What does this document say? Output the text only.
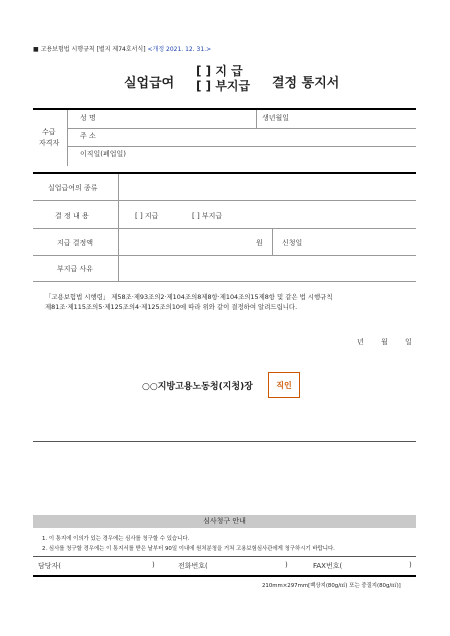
■ 고용보험법 시행규칙 [별지 제74호서식] <개정 2021. 12. 31.>
실업급여
[ ] 지 급
[ ] 부지급 결정 통지서
수급
자격자
성 명	생년월일
주 소
이직일(폐업일)
실업급여의 종류
결 정 내 용	[ ] 지급	[ ] 부지급
지급 결정액	원	신청일
부지급 사유
「고용보험법 시행령」 제58조·제93조의2·제104조의8제8항·제104조의15제8항 및 같은 법 시행규칙
제81조·제115조의5·제125조의4·제125조의10에 따라 위와 같이 결정하여 알려드립니다.
년 월 일
○○지방고용노동청(지청)장	직인
심사청구 안내
1. 이 통지에 이의가 있는 경우에는 심사를 청구할 수 있습니다.
2. 심사를 청구할 경우에는 이 통지서를 받은 날부터 90일 이내에 원처분청을 거쳐 고용보험심사관에게 청구하시기 바랍니다.
담당자(	)	전화번호(	)	FAX번호(	)
210mm×297mm[백상지(80g/㎡) 또는 중질지(80g/㎡)]
